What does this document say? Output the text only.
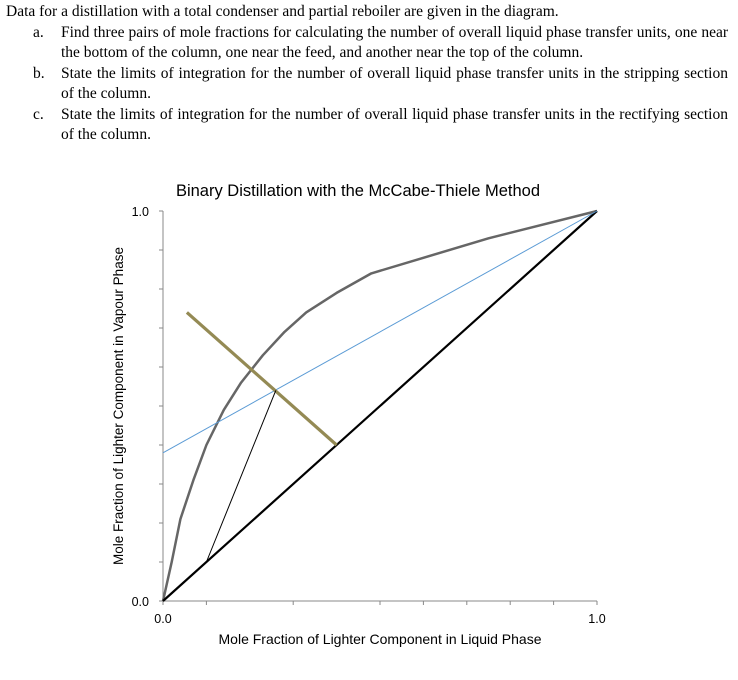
Data for a distillation with a total condenser and partial reboiler are given in the diagram.

a. Find three pairs of mole fractions for calculating the number of overall liquid phase transfer units, one near the bottom of the column, one near the feed, and another near the top of the column.
b. State the limits of integration for the number of overall liquid phase transfer units in the stripping section of the column.
c. State the limits of integration for the number of overall liquid phase transfer units in the rectifying section of the column.
Binary Distillation with the McCabe-Thiele Method
Mole Fraction of Lighter Component in Liquid Phase
Mole Fraction of Lighter Component in Vapour Phase
0.0
1.0
0.0	1.0
